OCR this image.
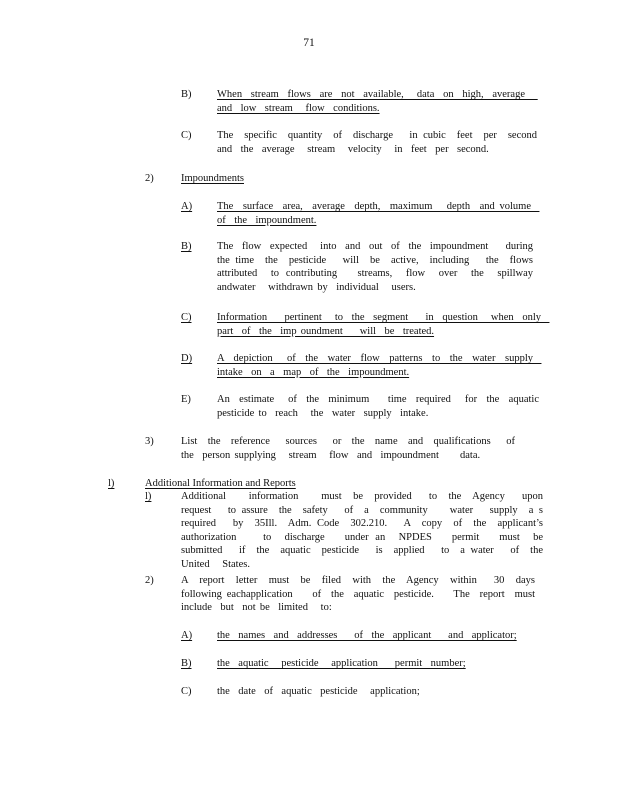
71
B) When  stream  flows  are  not  available,   data  on  high,  average   and  low  stream   flow  conditions.
C) The  specific  quantity  of  discharge   in cubic  feet  per  second  and  the  average   stream   velocity   in  feet  per  second.
2)	Impoundments
A) The  surface  area,  average  depth,  maximum   depth  and volume  of  the  impoundment.
B) The  flow  expected   into  and  out  of  the  impoundment    during  the time  the  pesticide   will  be  active,  including   the  flows  attributed  to contributing   streams,  flow  over  the  spillway  andwater   withdrawn by  individual   users.
C) Information    pertinent   to  the  segment    in  question   when  only  part  of  the  imp oundment    will  be  treated.
D) A  depiction   of  the  water  flow  patterns  to  the  water  supply  intake  on  a  map  of  the  impoundment.
E) An  estimate   of  the  minimum    time  required   for  the  aquatic  pesticide to  reach   the  water  supply  intake.
3)	List  the  reference   sources   or  the  name  and  qualifications   of  the  person supplying   stream   flow  and  impoundment     data.
l)	Additional Information and Reports
l)	Additional    information    must  be  provided   to  the  Agency   upon  request   to assure  the  safety   of  a  community    water   supply  a s  required   by  35Ill.  Adm. Code  302.210.   A  copy  of  the  applicant’s   authorization    to  discharge   under an  NPDES   permit   must  be  submitted   if  the  aquatic  pesticide   is  applied   to  a water   of  the  United   States.
2)	A  report  letter  must  be  filed  with  the  Agency  within   30  days  following eachapplication    of  the  aquatic  pesticide.    The  report  must  include  but  not be  limited   to:
A) the  names  and  addresses    of  the  applicant    and  applicator;
B) the  aquatic   pesticide   application    permit  number;
C) the  date  of  aquatic  pesticide   application;
